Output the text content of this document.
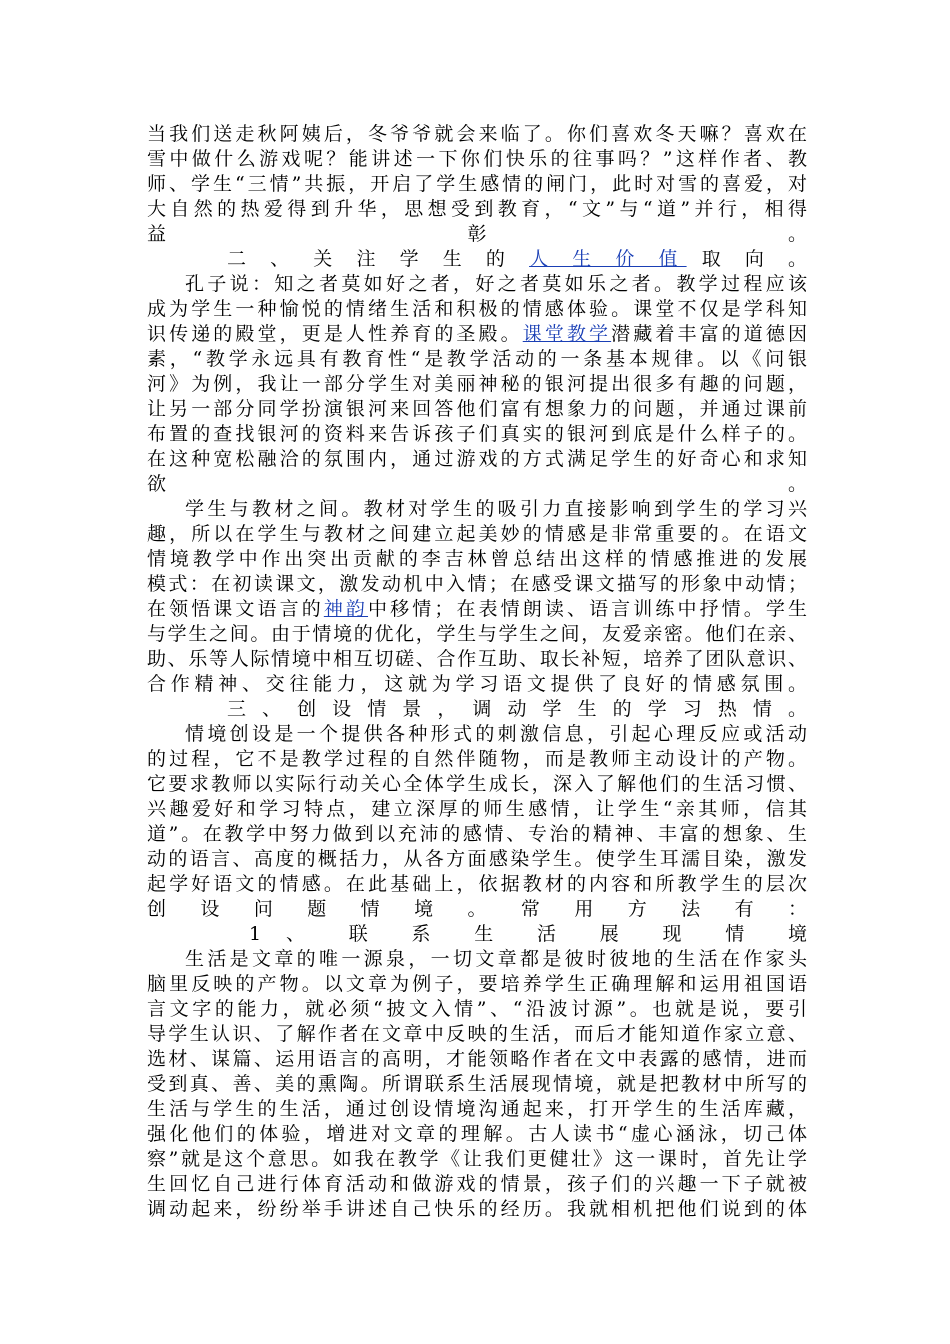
当我们送走秋阿姨后，冬爷爷就会来临了。你们喜欢冬天嘛？喜欢在
雪中做什么游戏呢？能讲述一下你们快乐的往事吗？”这样作者、教
师、学生“三情”共振，开启了学生感情的闸门，此时对雪的喜爱，对
大自然的热爱得到升华，思想受到教育，“文”与“道”并行，相得
益 彰 。
二 、 关 注 学 生 的 人 生 价 值 取 向 。
孔子说：知之者莫如好之者，好之者莫如乐之者。教学过程应该
成为学生一种愉悦的情绪生活和积极的情感体验。课堂不仅是学科知
识传递的殿堂，更是人性养育的圣殿。课堂教学潜藏着丰富的道德因
素，“教学永远具有教育性“是教学活动的一条基本规律。以《问银
河》为例，我让一部分学生对美丽神秘的银河提出很多有趣的问题，
让另一部分同学扮演银河来回答他们富有想象力的问题，并通过课前
布置的查找银河的资料来告诉孩子们真实的银河到底是什么样子的。
在这种宽松融洽的氛围内，通过游戏的方式满足学生的好奇心和求知
欲 。
学生与教材之间。教材对学生的吸引力直接影响到学生的学习兴
趣，所以在学生与教材之间建立起美妙的情感是非常重要的。在语文
情境教学中作出突出贡献的李吉林曾总结出这样的情感推进的发展
模式：在初读课文，激发动机中入情；在感受课文描写的形象中动情；
在领悟课文语言的神韵中移情；在表情朗读、语言训练中抒情。学生
与学生之间。由于情境的优化，学生与学生之间，友爱亲密。他们在亲、
助、乐等人际情境中相互切磋、合作互助、取长补短，培养了团队意识、
合作精神、交往能力，这就为学习语文提供了良好的情感氛围。
三 、 创 设 情 景 ， 调 动 学 生 的 学 习 热 情 。
情境创设是一个提供各种形式的刺激信息，引起心理反应或活动
的过程，它不是教学过程的自然伴随物，而是教师主动设计的产物。
它要求教师以实际行动关心全体学生成长，深入了解他们的生活习惯、
兴趣爱好和学习特点，建立深厚的师生感情，让学生“亲其师，信其
道”。在教学中努力做到以充沛的感情、专治的精神、丰富的想象、生
动的语言、高度的概括力，从各方面感染学生。使学生耳濡目染，激发
起学好语文的情感。在此基础上，依据教材的内容和所教学生的层次
创 设 问 题 情 境 。 常 用 方 法 有 ：
1 、 联 系 生 活 展 现 情 境
生活是文章的唯一源泉，一切文章都是彼时彼地的生活在作家头
脑里反映的产物。以文章为例子，要培养学生正确理解和运用祖国语
言文字的能力，就必须“披文入情”、“沿波讨源”。也就是说，要引
导学生认识、了解作者在文章中反映的生活，而后才能知道作家立意、
选材、谋篇、运用语言的高明，才能领略作者在文中表露的感情，进而
受到真、善、美的熏陶。所谓联系生活展现情境，就是把教材中所写的
生活与学生的生活，通过创设情境沟通起来，打开学生的生活库藏，
强化他们的体验，增进对文章的理解。古人读书“虚心涵泳，切己体
察”就是这个意思。如我在教学《让我们更健壮》这一课时，首先让学
生回忆自己进行体育活动和做游戏的情景，孩子们的兴趣一下子就被
调动起来，纷纷举手讲述自己快乐的经历。我就相机把他们说到的体
